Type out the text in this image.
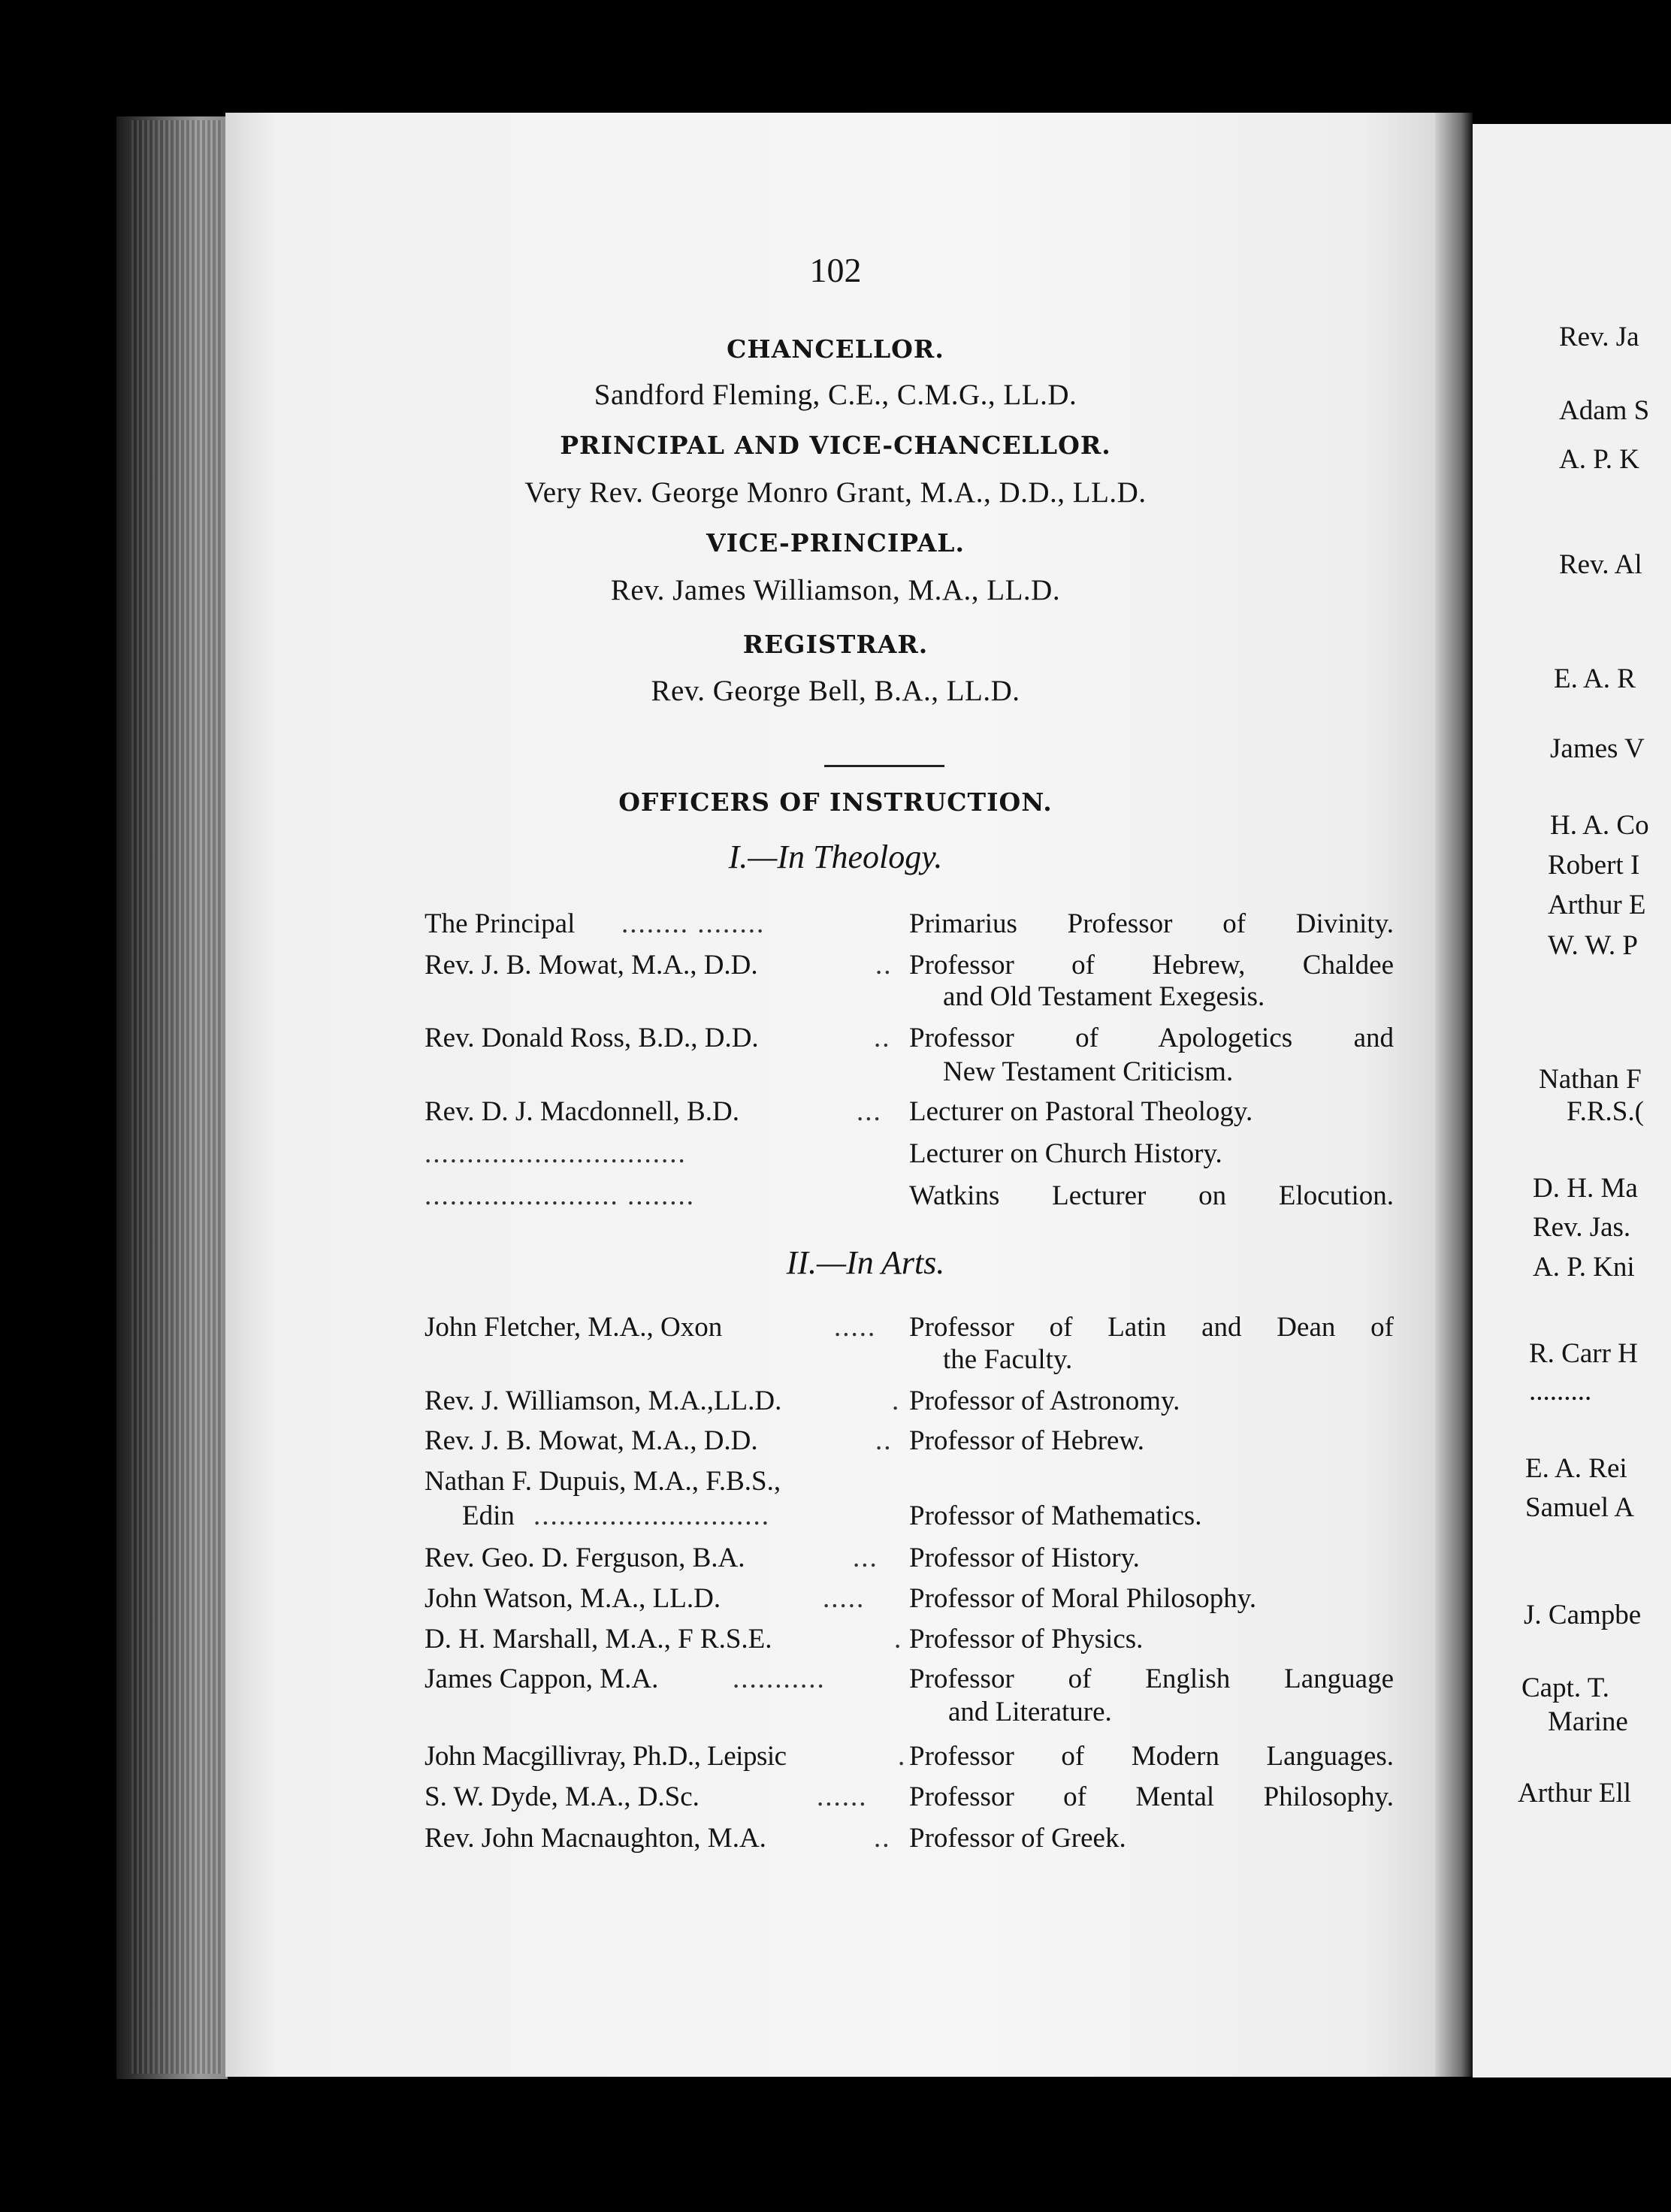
Rev. Ja
Adam S
A. P. K
Rev. Al
E. A. R
James V
H. A. Co
Robert I
Arthur E
W. W. P
Nathan F
F.R.S.(
D. H. Ma
Rev. Jas.
A. P. Kni
R. Carr H
.........
E. A. Rei
Samuel A
J. Campbe
Capt. T.
Marine
Arthur Ell
102
CHANCELLOR.
Sandford Fleming, C.E., C.M.G., LL.D.
PRINCIPAL AND VICE-CHANCELLOR.
Very Rev. George Monro Grant, M.A., D.D., LL.D.
VICE-PRINCIPAL.
Rev. James Williamson, M.A., LL.D.
REGISTRAR.
Rev. George Bell, B.A., LL.D.
OFFICERS OF INSTRUCTION.
I.—In Theology.
The Principal ........ ........	Primarius Professor of Divinity.
Rev. J. B. Mowat, M.A., D.D.	.. Professor of Hebrew, Chaldee
and Old Testament Exegesis.
Rev. Donald Ross, B.D., D.D.	.. Professor of Apologetics and
New Testament Criticism.
Rev. D. J. Macdonnell, B.D.	... Lecturer on Pastoral Theology.
...............................	Lecturer on Church History.
....................... ........	Watkins Lecturer on Elocution.
II.—In Arts.
John Fletcher, M.A., Oxon	..... Professor of Latin and Dean of
the Faculty.
Rev. J. Williamson, M.A.,LL.D.	. Professor of Astronomy.
Rev. J. B. Mowat, M.A., D.D.	.. Professor of Hebrew.
Nathan F. Dupuis, M.A., F.B.S.,
Edin ............................	Professor of Mathematics.
Rev. Geo. D. Ferguson, B.A.	... Professor of History.
John Watson, M.A., LL.D.	..... Professor of Moral Philosophy.
D. H. Marshall, M.A., F R.S.E.	. Professor of Physics.
James Cappon, M.A.	...........	Professor of English Language
and Literature.
John Macgillivray, Ph.D., Leipsic	. Professor of Modern Languages.
S. W. Dyde, M.A., D.Sc.	...... Professor of Mental Philosophy.
Rev. John Macnaughton, M.A.	.. Professor of Greek.
